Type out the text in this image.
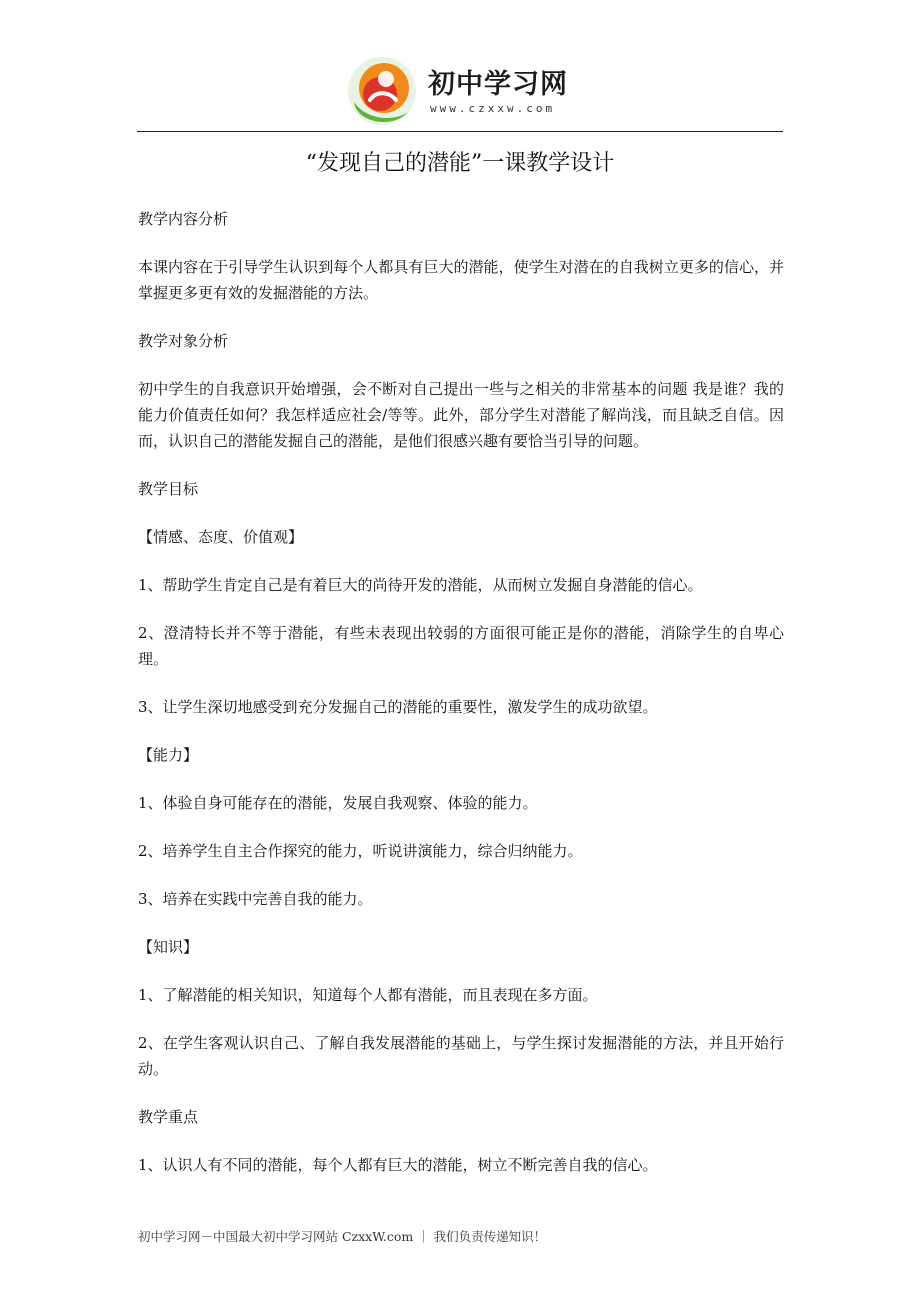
初中学习网
www.czxxw.com
“发现自己的潜能”一课教学设计

教学内容分析

本课内容在于引导学生认识到每个人都具有巨大的潜能，使学生对潜在的自我树立更多的信心，并掌握更多更有效的发掘潜能的方法。

教学对象分析

初中学生的自我意识开始增强，会不断对自己提出一些与之相关的非常基本的问题 我是谁？我的能力价值责任如何？我怎样适应社会/等等。此外，部分学生对潜能了解尚浅，而且缺乏自信。因而，认识自己的潜能发掘自己的潜能，是他们很感兴趣有要恰当引导的问题。

教学目标

【情感、态度、价值观】

1、帮助学生肯定自己是有着巨大的尚待开发的潜能，从而树立发掘自身潜能的信心。

2、澄清特长并不等于潜能，有些未表现出较弱的方面很可能正是你的潜能，消除学生的自卑心理。

3、让学生深切地感受到充分发掘自己的潜能的重要性，激发学生的成功欲望。

【能力】

1、体验自身可能存在的潜能，发展自我观察、体验的能力。

2、培养学生自主合作探究的能力，听说讲演能力，综合归纳能力。

3、培养在实践中完善自我的能力。

【知识】

1、了解潜能的相关知识，知道每个人都有潜能，而且表现在多方面。

2、在学生客观认识自己、了解自我发展潜能的基础上，与学生探讨发掘潜能的方法，并且开始行动。

教学重点

1、认识人有不同的潜能，每个人都有巨大的潜能，树立不断完善自我的信心。

初中学习网－中国最大初中学习网站 CzxxW.com ｜ 我们负责传递知识！
